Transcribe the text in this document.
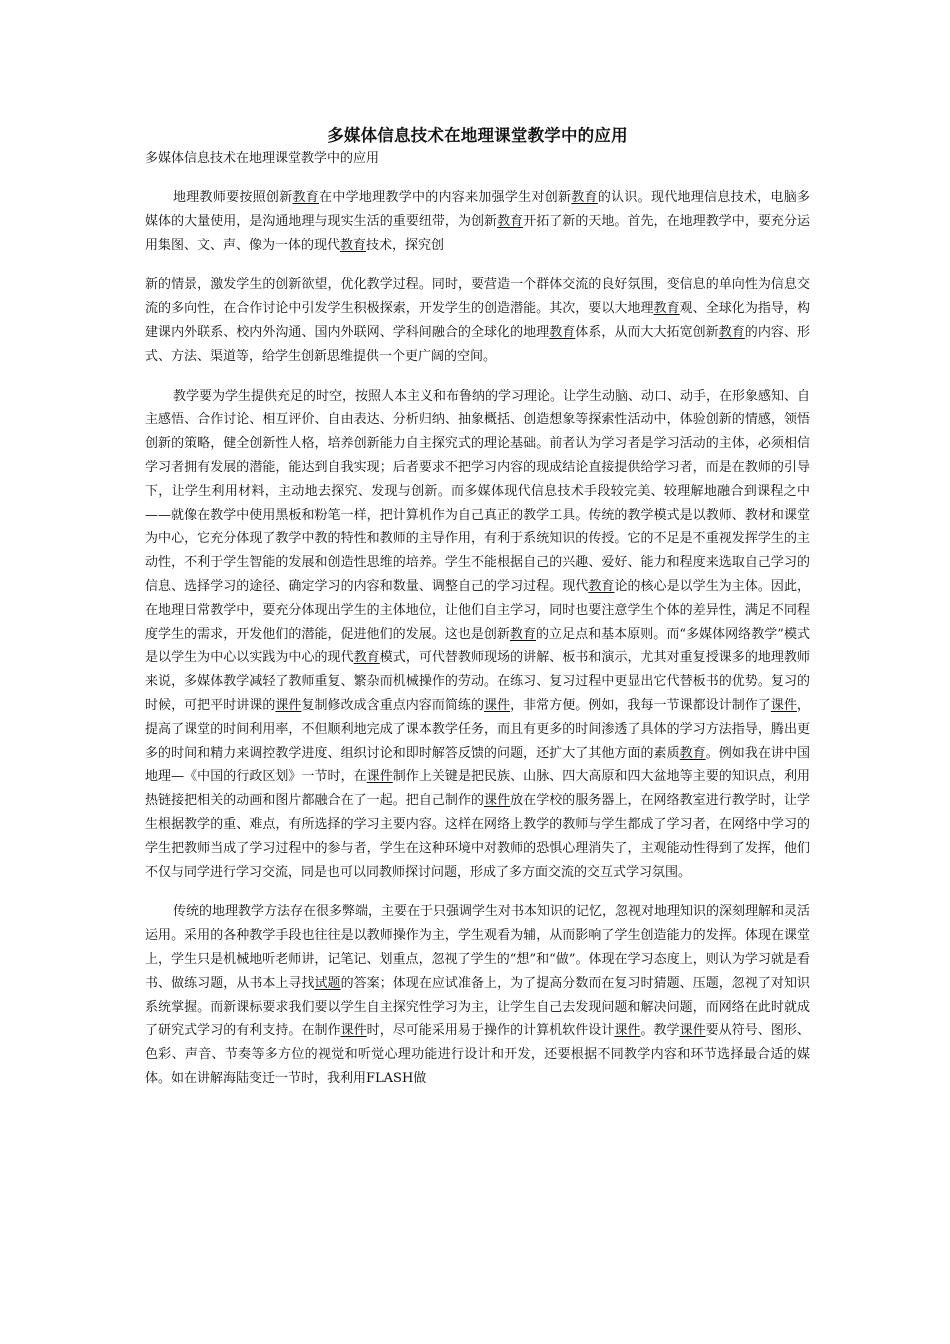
多媒体信息技术在地理课堂教学中的应用

多媒体信息技术在地理课堂教学中的应用

地理教师要按照创新教育在中学地理教学中的内容来加强学生对创新教育的认识。现代地理信息技术，电脑多媒体的大量使用，是沟通地理与现实生活的重要纽带，为创新教育开拓了新的天地。首先，在地理教学中，要充分运用集图、文、声、像为一体的现代教育技术，探究创

新的情景，激发学生的创新欲望，优化教学过程。同时，要营造一个群体交流的良好氛围，变信息的单向性为信息交流的多向性，在合作讨论中引发学生积极探索，开发学生的创造潜能。其次，要以大地理教育观、全球化为指导，构建课内外联系、校内外沟通、国内外联网、学科间融合的全球化的地理教育体系，从而大大拓宽创新教育的内容、形式、方法、渠道等，给学生创新思维提供一个更广阔的空间。

教学要为学生提供充足的时空，按照人本主义和布鲁纳的学习理论。让学生动脑、动口、动手，在形象感知、自主感悟、合作讨论、相互评价、自由表达、分析归纳、抽象概括、创造想象等探索性活动中，体验创新的情感，领悟创新的策略，健全创新性人格，培养创新能力自主探究式的理论基础。前者认为学习者是学习活动的主体，必须相信学习者拥有发展的潜能，能达到自我实现；后者要求不把学习内容的现成结论直接提供给学习者，而是在教师的引导下，让学生利用材料，主动地去探究、发现与创新。而多媒体现代信息技术手段较完美、较理解地融合到课程之中——就像在教学中使用黑板和粉笔一样，把计算机作为自己真正的教学工具。传统的教学模式是以教师、教材和课堂为中心，它充分体现了教学中教的特性和教师的主导作用，有利于系统知识的传授。它的不足是不重视发挥学生的主动性，不利于学生智能的发展和创造性思维的培养。学生不能根据自己的兴趣、爱好、能力和程度来选取自己学习的信息、选择学习的途径、确定学习的内容和数量、调整自己的学习过程。现代教育论的核心是以学生为主体。因此，在地理日常教学中，要充分体现出学生的主体地位，让他们自主学习，同时也要注意学生个体的差异性，满足不同程度学生的需求，开发他们的潜能，促进他们的发展。这也是创新教育的立足点和基本原则。而“多媒体网络教学”模式是以学生为中心以实践为中心的现代教育模式，可代替教师现场的讲解、板书和演示，尤其对重复授课多的地理教师来说，多媒体教学减轻了教师重复、繁杂而机械操作的劳动。在练习、复习过程中更显出它代替板书的优势。复习的时候，可把平时讲课的课件复制修改成含重点内容而简练的课件，非常方便。例如，我每一节课都设计制作了课件，提高了课堂的时间利用率，不但顺利地完成了课本教学任务，而且有更多的时间渗透了具体的学习方法指导，腾出更多的时间和精力来调控教学进度、组织讨论和即时解答反馈的问题，还扩大了其他方面的素质教育。例如我在讲中国地理—《中国的行政区划》一节时，在课件制作上关键是把民族、山脉、四大高原和四大盆地等主要的知识点，利用热链接把相关的动画和图片都融合在了一起。把自己制作的课件放在学校的服务器上，在网络教室进行教学时，让学生根据教学的重、难点，有所选择的学习主要内容。这样在网络上教学的教师与学生都成了学习者，在网络中学习的学生把教师当成了学习过程中的参与者，学生在这种环境中对教师的恐惧心理消失了，主观能动性得到了发挥，他们不仅与同学进行学习交流，同是也可以同教师探讨问题，形成了多方面交流的交互式学习氛围。

传统的地理教学方法存在很多弊端，主要在于只强调学生对书本知识的记忆，忽视对地理知识的深刻理解和灵活运用。采用的各种教学手段也往往是以教师操作为主，学生观看为辅，从而影响了学生创造能力的发挥。体现在课堂上，学生只是机械地听老师讲，记笔记、划重点，忽视了学生的“想”和“做”。体现在学习态度上，则认为学习就是看书、做练习题，从书本上寻找试题的答案；体现在应试准备上，为了提高分数而在复习时猜题、压题，忽视了对知识系统掌握。而新课标要求我们要以学生自主探究性学习为主，让学生自己去发现问题和解决问题，而网络在此时就成了研究式学习的有利支持。在制作课件时，尽可能采用易于操作的计算机软件设计课件。教学课件要从符号、图形、色彩、声音、节奏等多方位的视觉和听觉心理功能进行设计和开发，还要根据不同教学内容和环节选择最合适的媒体。如在讲解海陆变迁一节时，我利用FLASH做
